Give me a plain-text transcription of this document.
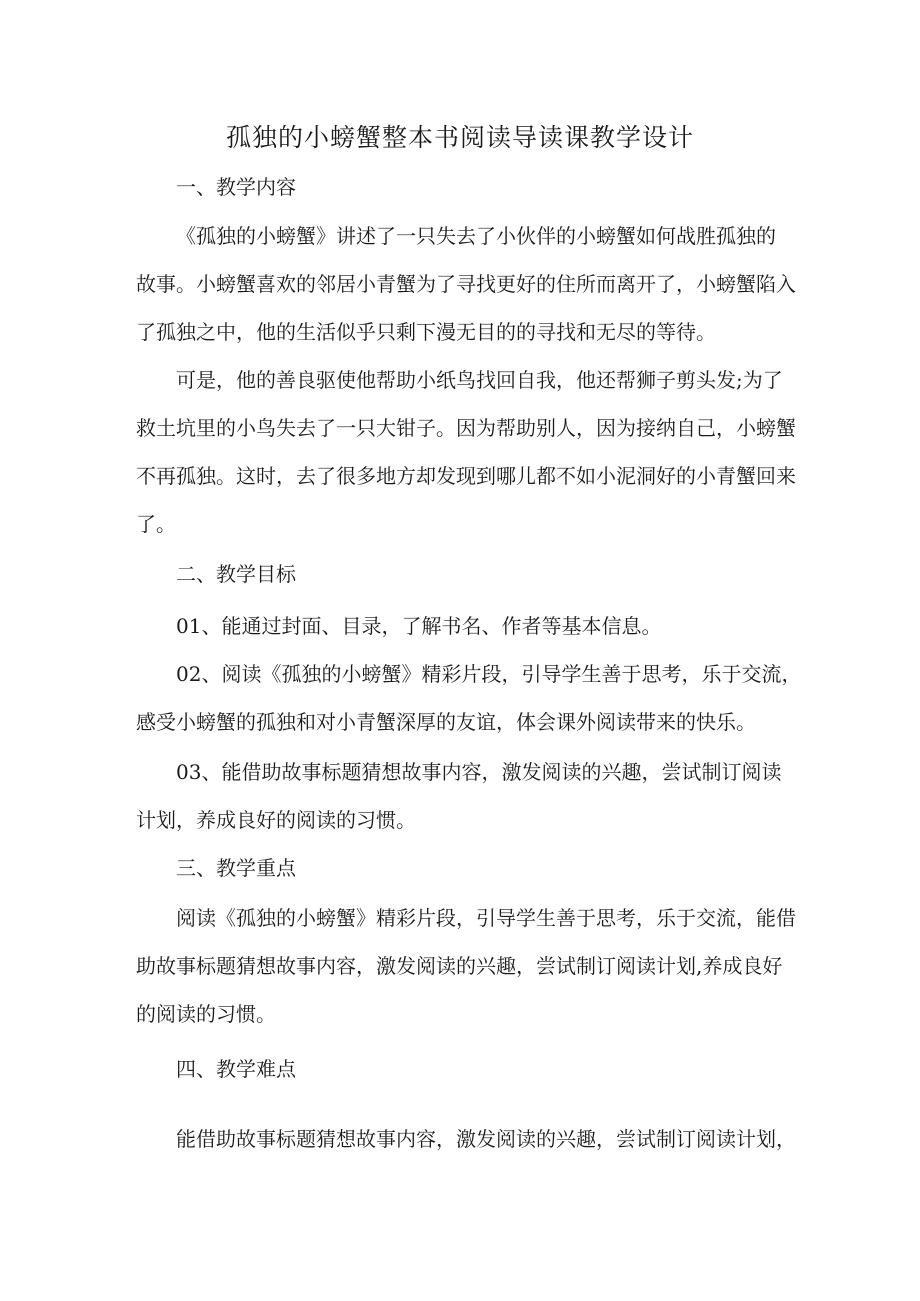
孤独的小螃蟹整本书阅读导读课教学设计

一、教学内容

《孤独的小螃蟹》讲述了一只失去了小伙伴的小螃蟹如何战胜孤独的

故事。小螃蟹喜欢的邻居小青蟹为了寻找更好的住所而离开了，小螃蟹陷入

了孤独之中，他的生活似乎只剩下漫无目的的寻找和无尽的等待。

可是，他的善良驱使他帮助小纸鸟找回自我，他还帮狮子剪头发;为了

救土坑里的小鸟失去了一只大钳子。因为帮助别人，因为接纳自己，小螃蟹

不再孤独。这时，去了很多地方却发现到哪儿都不如小泥洞好的小青蟹回来

了。

二、教学目标

01、能通过封面、目录，了解书名、作者等基本信息。

02、阅读《孤独的小螃蟹》精彩片段，引导学生善于思考，乐于交流，

感受小螃蟹的孤独和对小青蟹深厚的友谊，体会课外阅读带来的快乐。

03、能借助故事标题猜想故事内容，激发阅读的兴趣，尝试制订阅读

计划，养成良好的阅读的习惯。

三、教学重点

阅读《孤独的小螃蟹》精彩片段，引导学生善于思考，乐于交流，能借

助故事标题猜想故事内容，激发阅读的兴趣，尝试制订阅读计划,养成良好

的阅读的习惯。

四、教学难点

能借助故事标题猜想故事内容，激发阅读的兴趣，尝试制订阅读计划，
